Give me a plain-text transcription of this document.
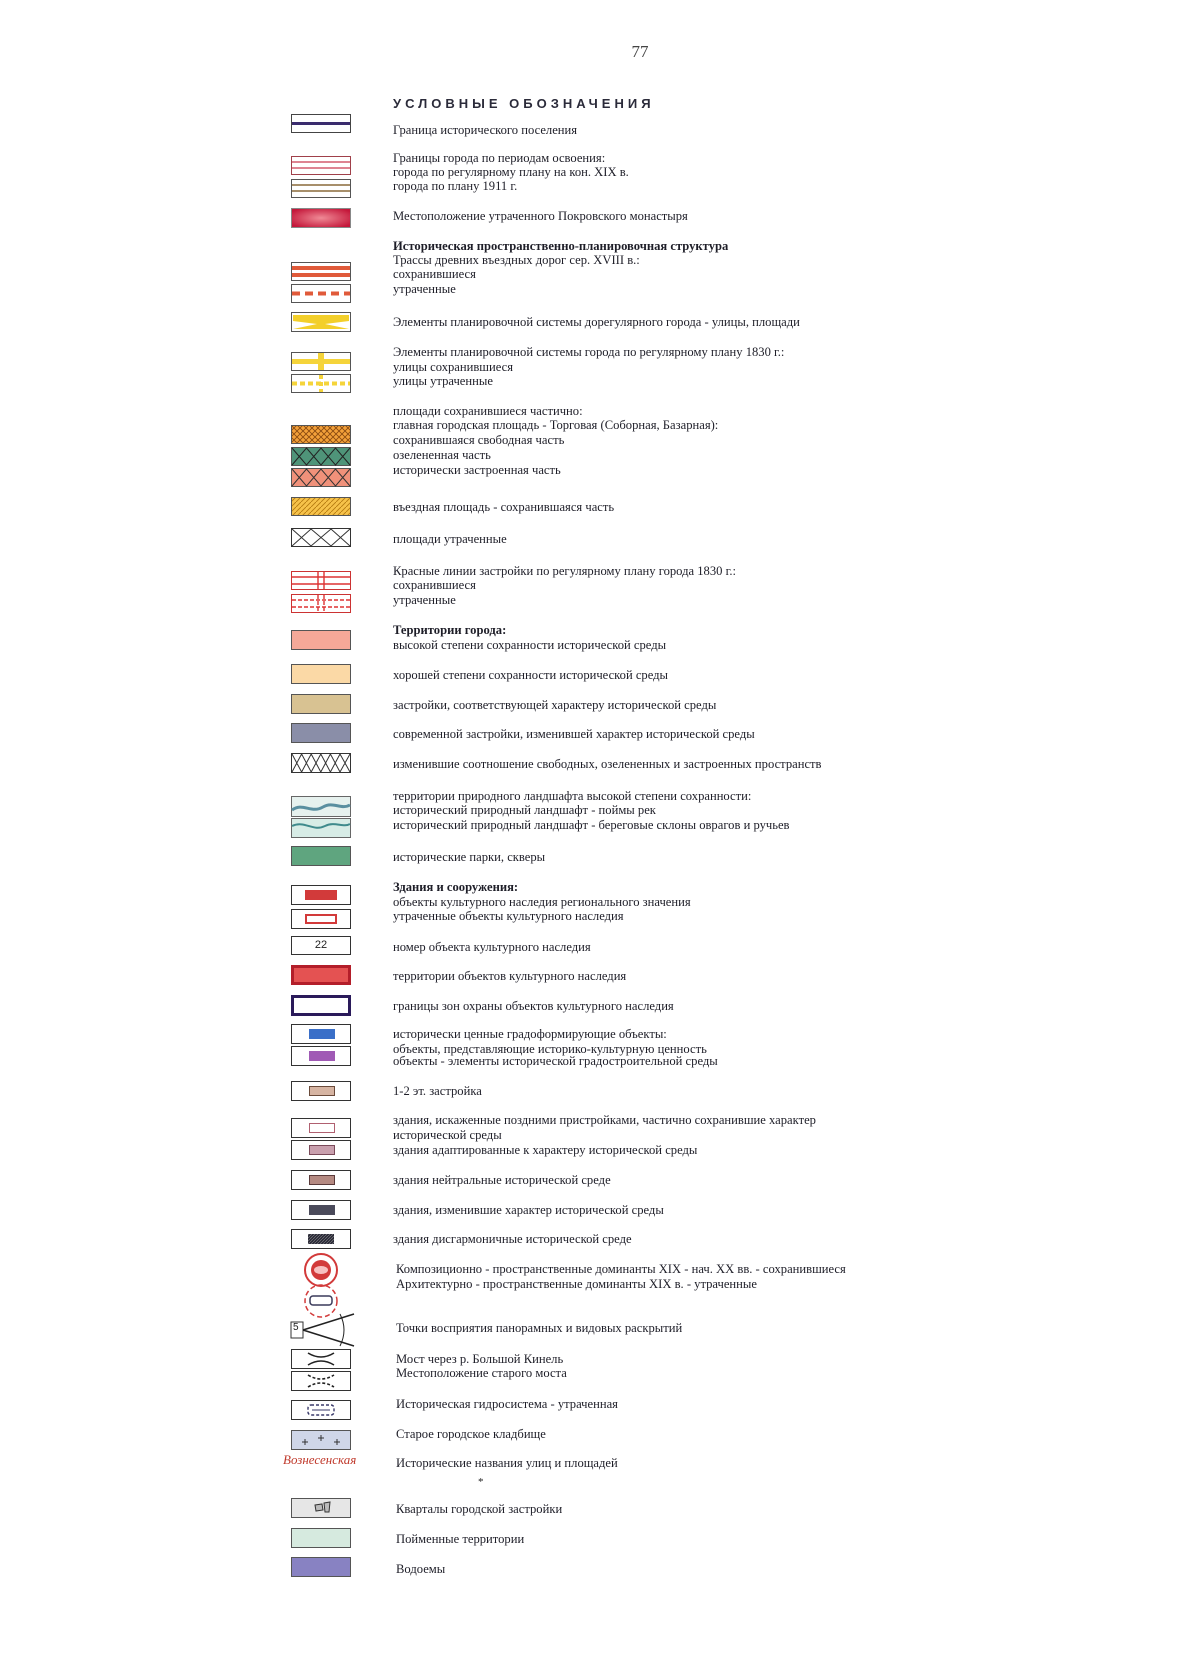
77
УСЛОВНЫЕ ОБОЗНАЧЕНИЯ
22
5
Вознесенская
*
Граница исторического поселения
Границы города по периодам освоения:
города по регулярному плану на кон. XIX в.
города по плану 1911 г.
Местоположение утраченного Покровского монастыря
Историческая пространственно-планировочная структура
Трассы древних въездных дорог сер. XVIII в.:
сохранившиеся
утраченные
Элементы планировочной системы дорегулярного города - улицы, площади
Элементы планировочной системы города по регулярному плану 1830 г.:
улицы сохранившиеся
улицы утраченные
площади сохранившиеся частично:
главная городская площадь - Торговая (Соборная, Базарная):
сохранившаяся свободная часть
озелененная часть
исторически застроенная часть
въездная площадь - сохранившаяся часть
площади утраченные
Красные линии застройки по регулярному плану города 1830 г.:
сохранившиеся
утраченные
Территории города:
высокой степени сохранности исторической среды
хорошей степени сохранности исторической среды
застройки, соответствующей характеру исторической среды
современной застройки, изменившей характер исторической среды
изменившие соотношение свободных, озелененных и застроенных пространств
территории природного ландшафта высокой степени сохранности:
исторический природный ландшафт - поймы рек
исторический природный ландшафт - береговые склоны оврагов и ручьев
исторические парки, скверы
Здания и сооружения:
объекты культурного наследия регионального значения
утраченные объекты культурного наследия
номер объекта культурного наследия
территории объектов культурного наследия
границы зон охраны объектов культурного наследия
исторически ценные градоформирующие объекты:
объекты, представляющие историко-культурную ценность
объекты - элементы исторической градостроительной среды
1-2 эт. застройка
здания, искаженные поздними пристройками, частично сохранившие характер
исторической среды
здания адаптированные к характеру исторической среды
здания нейтральные исторической среде
здания, изменившие характер исторической среды
здания дисгармоничные исторической среде
Композиционно - пространственные доминанты XIX - нач. XX вв. - сохранившиеся
Архитектурно - пространственные доминанты XIX в. - утраченные
Точки восприятия панорамных и видовых раскрытий
Мост через р. Большой Кинель
Местоположение старого моста
Историческая гидросистема - утраченная
Старое городское кладбище
Исторические названия улиц и площадей
Кварталы городской застройки
Пойменные территории
Водоемы
